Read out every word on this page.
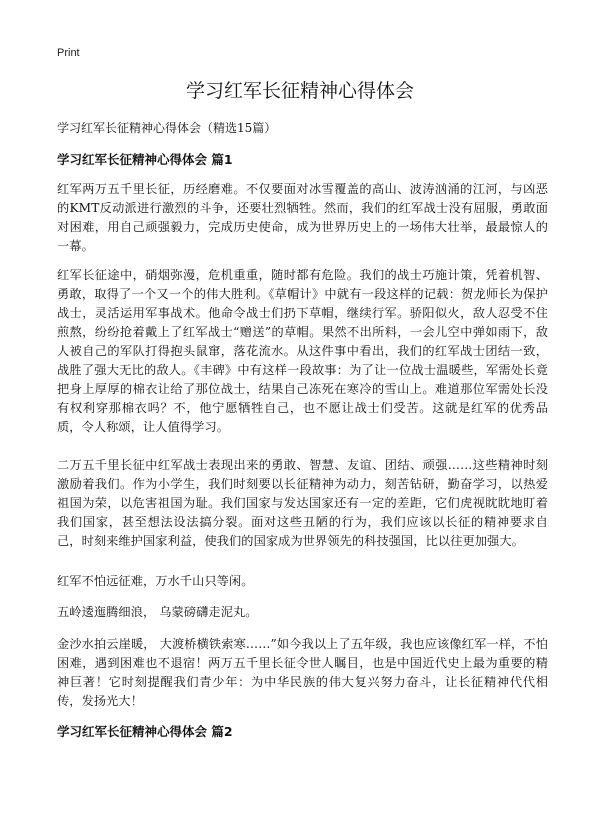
Print
学习红军长征精神心得体会
学习红军长征精神心得体会（精选15篇）
学习红军长征精神心得体会 篇1

红军两万五千里长征，历经磨难。不仅要面对冰雪覆盖的高山、波涛汹涌的江河，与凶恶的KMT反动派进行激烈的斗争，还要壮烈牺牲。然而，我们的红军战士没有屈服，勇敢面对困难，用自己顽强毅力，完成历史使命，成为世界历史上的一场伟大壮举，最最惊人的一幕。

红军长征途中，硝烟弥漫，危机重重，随时都有危险。我们的战士巧施计策，凭着机智、勇敢，取得了一个又一个的伟大胜利。《草帽计》中就有一段这样的记载：贺龙师长为保护战士，灵活运用军事战术。他命令战士们扔下草帽，继续行军。骄阳似火，敌人忍受不住煎熬，纷纷抢着戴上了红军战士“赠送”的草帽。果然不出所料，一会儿空中弹如雨下，敌人被自己的军队打得抱头鼠窜，落花流水。从这件事中看出，我们的红军战士团结一致，战胜了强大无比的敌人。《丰碑》中有这样一段故事：为了让一位战士温暖些，军需处长竟把身上厚厚的棉衣让给了那位战士，结果自己冻死在寒冷的雪山上。难道那位军需处长没有权利穿那棉衣吗？不，他宁愿牺牲自己，也不愿让战士们受苦。这就是红军的优秀品质，令人称颂，让人值得学习。

二万五千里长征中红军战士表现出来的勇敢、智慧、友谊、团结、顽强……这些精神时刻激励着我们。作为小学生，我们时刻要以长征精神为动力，刻苦钻研，勤奋学习，以热爱祖国为荣，以危害祖国为耻。我们国家与发达国家还有一定的差距，它们虎视眈眈地盯着我们国家，甚至想法设法搞分裂。面对这些丑陋的行为，我们应该以长征的精神要求自己，时刻来维护国家利益，使我们的国家成为世界领先的科技强国，比以往更加强大。

红军不怕远征难，万水千山只等闲。

五岭逶迤腾细浪， 乌蒙磅礴走泥丸。

金沙水拍云崖暖， 大渡桥横铁索寒……”如今我以上了五年级，我也应该像红军一样，不怕困难，遇到困难也不退宿！两万五千里长征令世人瞩目，也是中国近代史上最为重要的精神巨著！它时刻提醒我们青少年：为中华民族的伟大复兴努力奋斗，让长征精神代代相传，发扬光大！

学习红军长征精神心得体会 篇2
